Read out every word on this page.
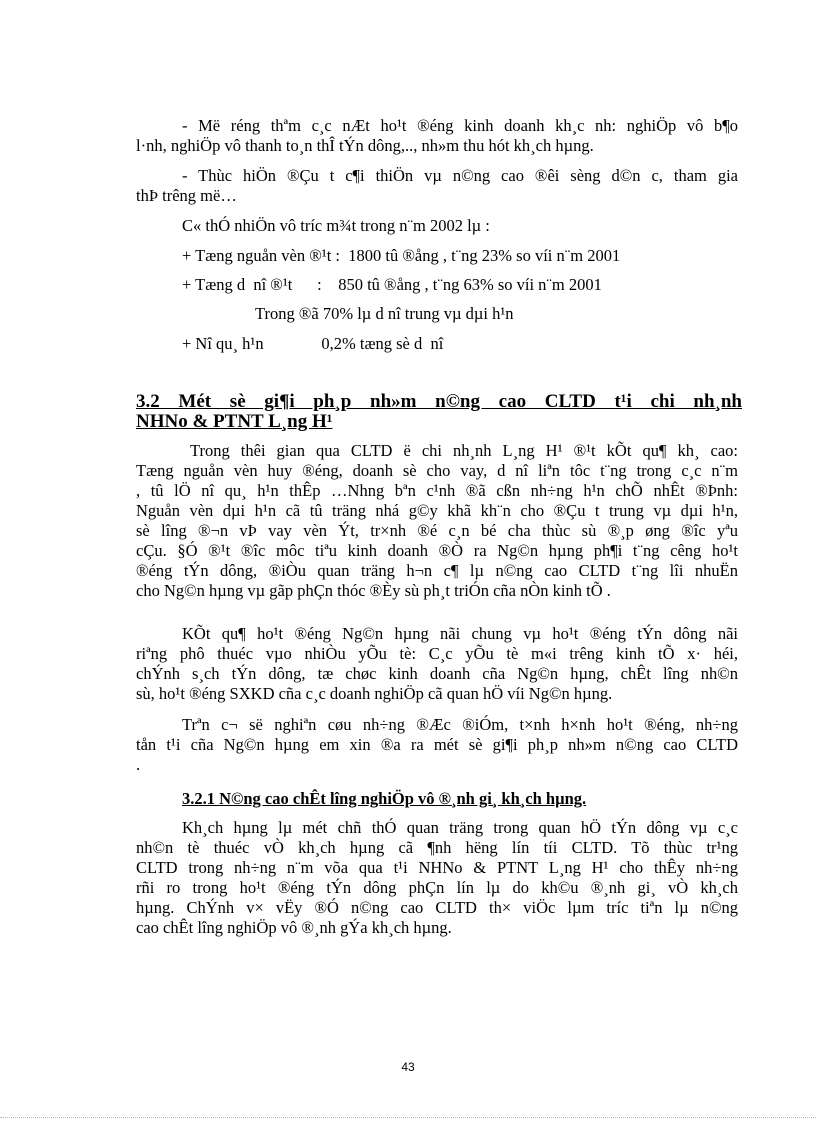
- Më réng thªm c¸c nÆt ho¹t ®éng kinh doanh kh¸c nh: nghiÖp vô b¶o
l·nh, nghiÖp vô thanh to¸n thÎ tÝn dông,.., nh»m thu hót kh¸ch hµng.
- Thùc hiÖn ®Çu t c¶i thiÖn vµ n©ng cao ®êi sèng d©n c, tham gia
thÞ trêng më…
C« thÓ nhiÖn vô tríc m¾t trong n¨m 2002 lµ :
+ Tæng nguån vèn ®¹t :  1800 tû ®ång , t¨ng 23% so víi n¨m 2001
+ Tæng d  nî ®¹t      :    850 tû ®ång , t¨ng 63% so víi n¨m 2001
Trong ®ã 70% lµ d nî trung vµ dµi h¹n
+ Nî qu¸ h¹n              0,2% tæng sè d  nî
3.2 Mét sè gi¶i ph¸p nh»m n©ng cao CLTD t¹i chi nh¸nh
NHNo & PTNT L¸ng H¹
Trong thêi gian qua CLTD ë chi nh¸nh L¸ng H¹ ®¹t kÕt qu¶ kh¸ cao:
Tæng nguån vèn huy ®éng, doanh sè cho vay, d nî liªn tôc t¨ng trong c¸c n¨m
, tû lÖ nî qu¸ h¹n thÊp …Nhng bªn c¹nh ®ã cßn nh÷ng h¹n chÕ nhÊt ®Þnh:
Nguån vèn dµi h¹n cã tû träng nhá g©y khã kh¨n cho ®Çu t trung vµ dµi h¹n,
sè lîng ®¬n vÞ vay vèn Ýt, tr×nh ®é c¸n bé cha thùc sù ®¸p øng ®îc yªu
cÇu. §Ó ®¹t ®îc môc tiªu kinh doanh ®Ò ra Ng©n hµng ph¶i t¨ng cêng ho¹t
®éng tÝn dông, ®iÒu quan träng h¬n c¶ lµ n©ng cao CLTD t¨ng lîi nhuËn
cho Ng©n hµng vµ gãp phÇn thóc ®Èy sù ph¸t triÓn cña nÒn kinh tÕ .
KÕt qu¶ ho¹t ®éng Ng©n hµng nãi chung vµ ho¹t ®éng tÝn dông nãi
riªng phô thuéc vµo nhiÒu yÕu tè: C¸c yÕu tè m«i trêng kinh tÕ x· héi,
chÝnh s¸ch tÝn dông, tæ chøc kinh doanh cña Ng©n hµng, chÊt lîng nh©n
sù, ho¹t ®éng SXKD cña c¸c doanh nghiÖp cã quan hÖ víi Ng©n hµng.
Trªn c¬ së nghiªn cøu nh÷ng ®Æc ®iÓm, t×nh h×nh ho¹t ®éng, nh÷ng
tån t¹i cña Ng©n hµng em xin ®a ra mét sè gi¶i ph¸p nh»m n©ng cao CLTD
.
3.2.1 N©ng cao chÊt lîng nghiÖp vô ®¸nh gi¸ kh¸ch hµng.
Kh¸ch hµng lµ mét chñ thÓ quan träng trong quan hÖ tÝn dông vµ c¸c
nh©n tè thuéc vÒ kh¸ch hµng cã ¶nh hëng lín tíi CLTD. Tõ thùc tr¹ng
CLTD trong nh÷ng n¨m võa qua t¹i NHNo & PTNT L¸ng H¹ cho thÊy nh÷ng
rñi ro trong ho¹t ®éng tÝn dông phÇn lín lµ do kh©u ®¸nh gi¸ vÒ kh¸ch
hµng. ChÝnh v× vËy ®Ó n©ng cao CLTD th× viÖc lµm tríc tiªn lµ n©ng
cao chÊt lîng nghiÖp vô ®¸nh gÝa kh¸ch hµng.
43
